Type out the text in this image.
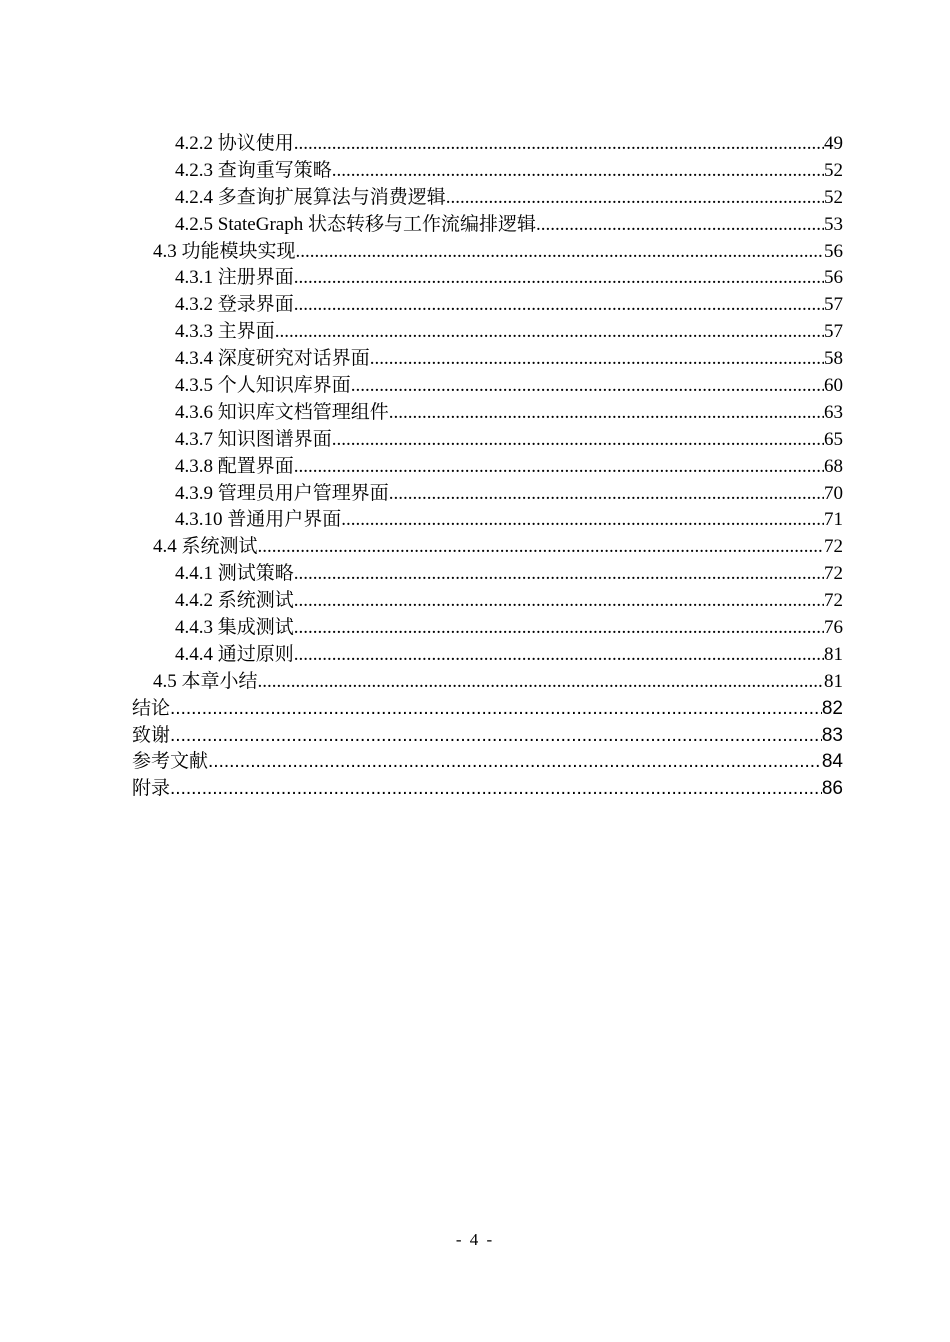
4.2.2 协议使用 .....	49
4.2.3 查询重写策略 .....	52
4.2.4 多查询扩展算法与消费逻辑 .....	52
4.2.5 StateGraph 状态转移与工作流编排逻辑 .....	53
4.3 功能模块实现 .....	56
4.3.1 注册界面 .....	56
4.3.2 登录界面 .....	57
4.3.3 主界面 .....	57
4.3.4 深度研究对话界面 .....	58
4.3.5 个人知识库界面 .....	60
4.3.6 知识库文档管理组件 .....	63
4.3.7 知识图谱界面 .....	65
4.3.8 配置界面 .....	68
4.3.9 管理员用户管理界面 .....	70
4.3.10 普通用户界面 .....	71
4.4 系统测试 .....	72
4.4.1 测试策略 .....	72
4.4.2 系统测试 .....	72
4.4.3 集成测试 .....	76
4.4.4 通过原则 .....	81
4.5 本章小结 .....	81
结论 .....	82
致谢 .....	83
参考文献 .....	84
附录 .....	86
- 4 -
